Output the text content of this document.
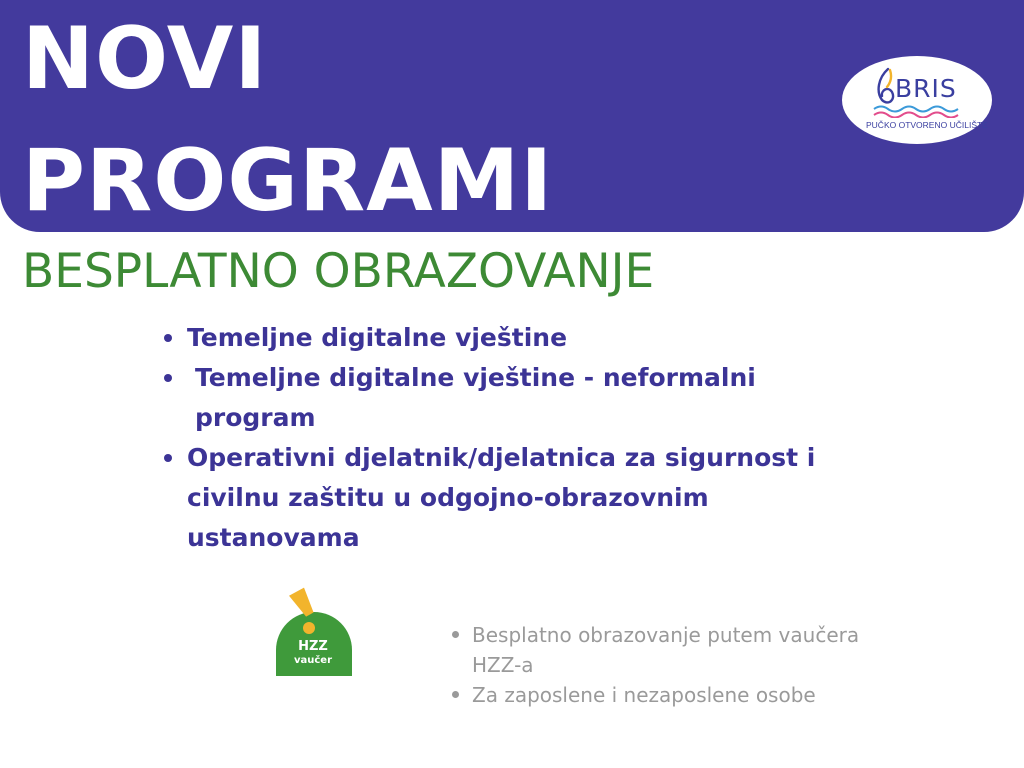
NOVI
PROGRAMI
BRIS
PUČKO OTVORENO UČILIŠTE
BESPLATNO OBRAZOVANJE
Temeljne digitalne vještine
Temeljne digitalne vještine - neformalni program
Operativni djelatnik/djelatnica za sigurnost i civilnu zaštitu u odgojno-obrazovnim ustanovama
HZZ
vaučer
Besplatno obrazovanje putem vaučera HZZ-a
Za zaposlene i nezaposlene osobe
